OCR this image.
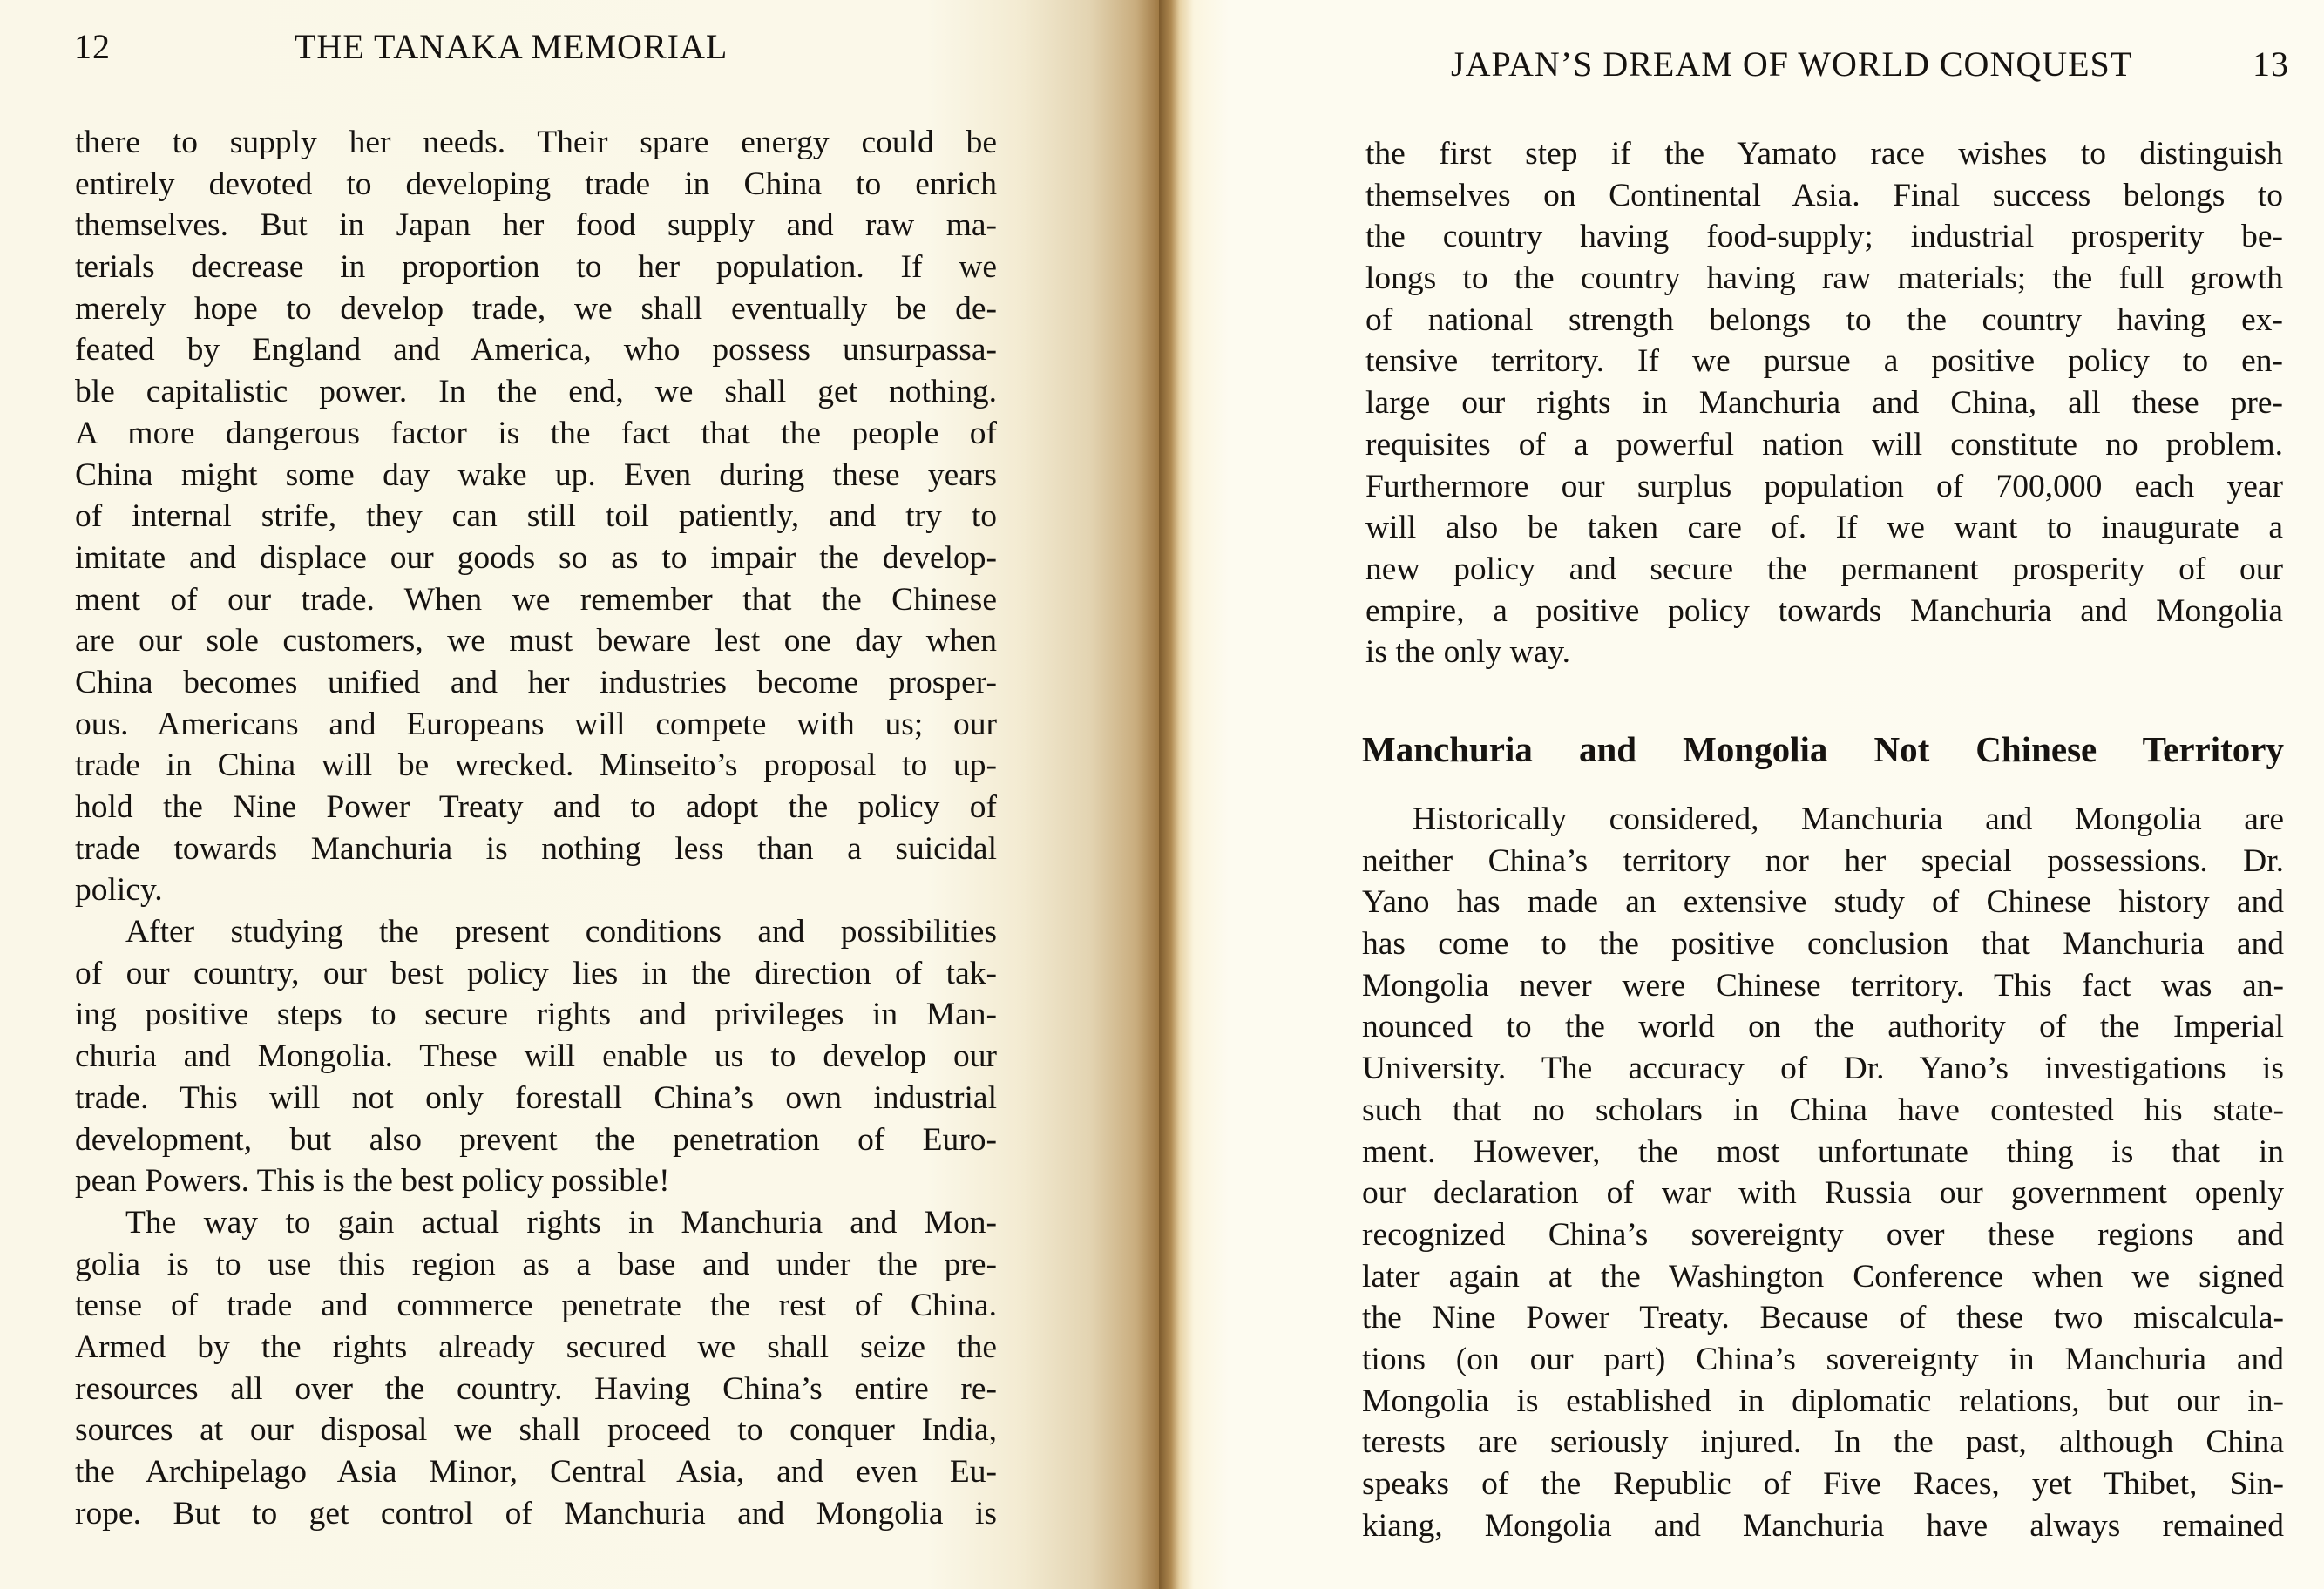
12	THE TANAKA MEMORIAL	JAPAN’S DREAM OF WORLD CONQUEST	13
there to supply her needs. Their spare energy could be
entirely devoted to developing trade in China to enrich
themselves. But in Japan her food supply and raw ma-
terials decrease in proportion to her population. If we
merely hope to develop trade, we shall eventually be de-
feated by England and America, who possess unsurpassa-
ble capitalistic power. In the end, we shall get nothing.
A more dangerous factor is the fact that the people of
China might some day wake up. Even during these years
of internal strife, they can still toil patiently, and try to
imitate and displace our goods so as to impair the develop-
ment of our trade. When we remember that the Chinese
are our sole customers, we must beware lest one day when
China becomes unified and her industries become prosper-
ous. Americans and Europeans will compete with us; our
trade in China will be wrecked. Minseito’s proposal to up-
hold the Nine Power Treaty and to adopt the policy of
trade towards Manchuria is nothing less than a suicidal
policy.
After studying the present conditions and possibilities
of our country, our best policy lies in the direction of tak-
ing positive steps to secure rights and privileges in Man-
churia and Mongolia. These will enable us to develop our
trade. This will not only forestall China’s own industrial
development, but also prevent the penetration of Euro-
pean Powers. This is the best policy possible!
The way to gain actual rights in Manchuria and Mon-
golia is to use this region as a base and under the pre-
tense of trade and commerce penetrate the rest of China.
Armed by the rights already secured we shall seize the
resources all over the country. Having China’s entire re-
sources at our disposal we shall proceed to conquer India,
the Archipelago Asia Minor, Central Asia, and even Eu-
rope. But to get control of Manchuria and Mongolia is
the first step if the Yamato race wishes to distinguish
themselves on Continental Asia. Final success belongs to
the country having food-supply; industrial prosperity be-
longs to the country having raw materials; the full growth
of national strength belongs to the country having ex-
tensive territory. If we pursue a positive policy to en-
large our rights in Manchuria and China, all these pre-
requisites of a powerful nation will constitute no problem.
Furthermore our surplus population of 700,000 each year
will also be taken care of. If we want to inaugurate a
new policy and secure the permanent prosperity of our
empire, a positive policy towards Manchuria and Mongolia
is the only way.
Manchuria and Mongolia Not Chinese Territory
Historically considered, Manchuria and Mongolia are
neither China’s territory nor her special possessions. Dr.
Yano has made an extensive study of Chinese history and
has come to the positive conclusion that Manchuria and
Mongolia never were Chinese territory. This fact was an-
nounced to the world on the authority of the Imperial
University. The accuracy of Dr. Yano’s investigations is
such that no scholars in China have contested his state-
ment. However, the most unfortunate thing is that in
our declaration of war with Russia our government openly
recognized China’s sovereignty over these regions and
later again at the Washington Conference when we signed
the Nine Power Treaty. Because of these two miscalcula-
tions (on our part) China’s sovereignty in Manchuria and
Mongolia is established in diplomatic relations, but our in-
terests are seriously injured. In the past, although China
speaks of the Republic of Five Races, yet Thibet, Sin-
kiang, Mongolia and Manchuria have always remained
